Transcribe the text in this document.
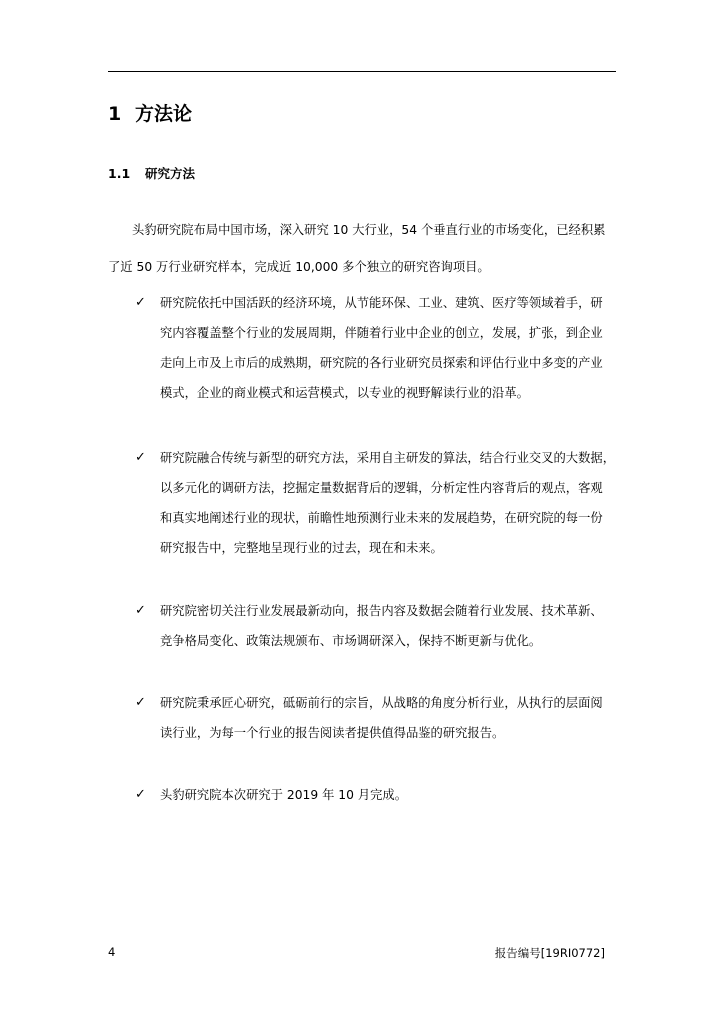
1 方法论
1.1 研究方法
头豹研究院布局中国市场，深入研究 10 大行业，54 个垂直行业的市场变化，已经积累
了近 50 万行业研究样本，完成近 10,000 多个独立的研究咨询项目。
✓ 研究院依托中国活跃的经济环境，从节能环保、工业、建筑、医疗等领域着手，研
究内容覆盖整个行业的发展周期，伴随着行业中企业的创立，发展，扩张，到企业
走向上市及上市后的成熟期，研究院的各行业研究员探索和评估行业中多变的产业
模式，企业的商业模式和运营模式，以专业的视野解读行业的沿革。
✓ 研究院融合传统与新型的研究方法，采用自主研发的算法，结合行业交叉的大数据，
以多元化的调研方法，挖掘定量数据背后的逻辑，分析定性内容背后的观点，客观
和真实地阐述行业的现状，前瞻性地预测行业未来的发展趋势，在研究院的每一份
研究报告中，完整地呈现行业的过去，现在和未来。
✓ 研究院密切关注行业发展最新动向，报告内容及数据会随着行业发展、技术革新、
竞争格局变化、政策法规颁布、市场调研深入，保持不断更新与优化。
✓ 研究院秉承匠心研究，砥砺前行的宗旨，从战略的角度分析行业，从执行的层面阅
读行业，为每一个行业的报告阅读者提供值得品鉴的研究报告。
✓ 头豹研究院本次研究于 2019 年 10 月完成。
4	报告编号[19RI0772]
